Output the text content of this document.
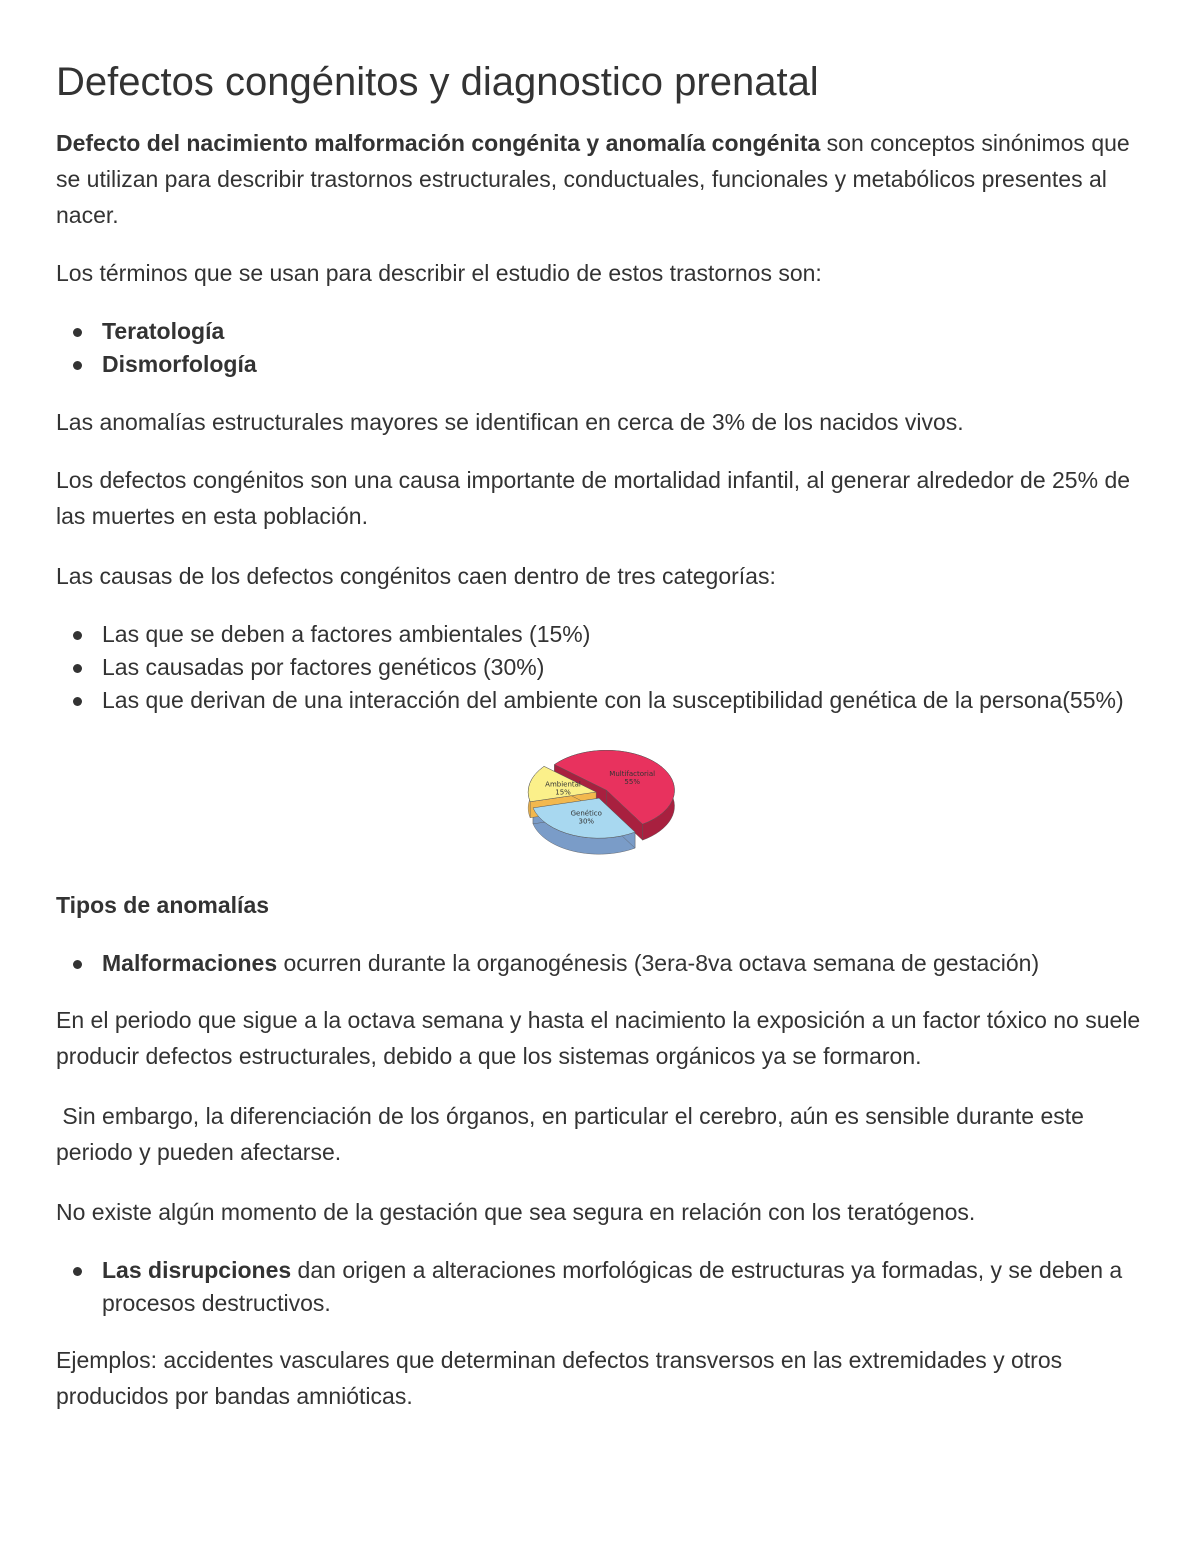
Defectos congénitos y diagnostico prenatal

Defecto del nacimiento malformación congénita y anomalía congénita son conceptos sinónimos que se utilizan para describir trastornos estructurales, conductuales, funcionales y metabólicos presentes al nacer.

Los términos que se usan para describir el estudio de estos trastornos son:

Teratología
Dismorfología

Las anomalías estructurales mayores se identifican en cerca de 3% de los nacidos vivos.

Los defectos congénitos son una causa importante de mortalidad infantil, al generar alrededor de 25% de las muertes en esta población.

Las causas de los defectos congénitos caen dentro de tres categorías:

Las que se deben a factores ambientales (15%)
Las causadas por factores genéticos (30%)
Las que derivan de una interacción del ambiente con la susceptibilidad genética de la persona(55%)
Multifactorial
55%
Genético
30%
Ambiental
15%

Tipos de anomalías

Malformaciones ocurren durante la organogénesis (3era-8va octava semana de gestación)

En el periodo que sigue a la octava semana y hasta el nacimiento la exposición a un factor tóxico no suele producir defectos estructurales, debido a que los sistemas orgánicos ya se formaron.

Sin embargo, la diferenciación de los órganos, en particular el cerebro, aún es sensible durante este periodo y pueden afectarse.

No existe algún momento de la gestación que sea segura en relación con los teratógenos.

Las disrupciones dan origen a alteraciones morfológicas de estructuras ya formadas, y se deben a procesos destructivos.

Ejemplos: accidentes vasculares que determinan defectos transversos en las extremidades y otros producidos por bandas amnióticas.
